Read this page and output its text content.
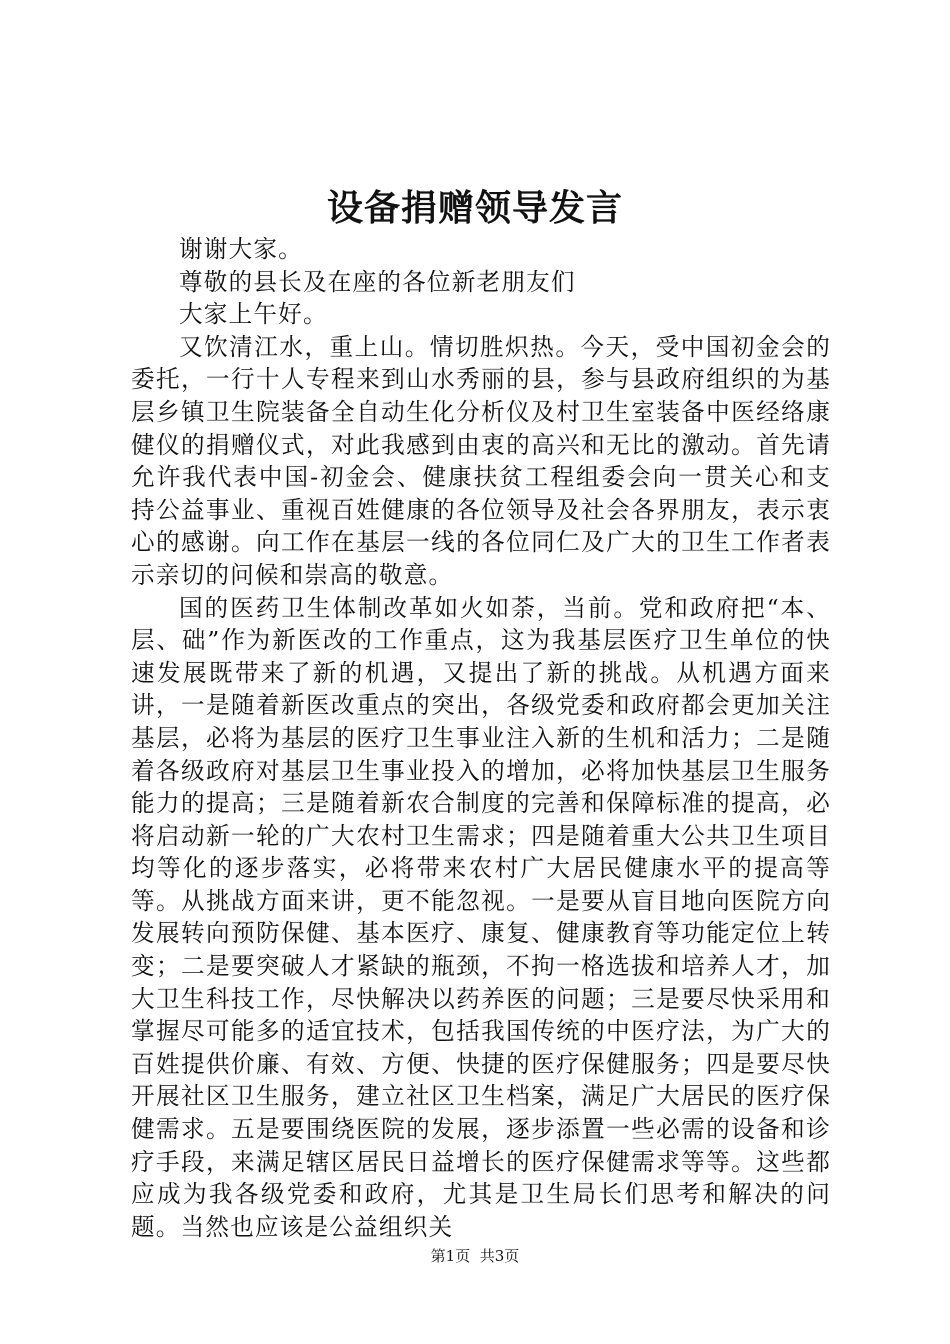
设备捐赠领导发言

谢谢大家。

尊敬的县长及在座的各位新老朋友们

大家上午好。

又饮清江水，重上山。情切胜炽热。今天，受中国初金会的委托，一行十人专程来到山水秀丽的县，参与县政府组织的为基层乡镇卫生院装备全自动生化分析仪及村卫生室装备中医经络康健仪的捐赠仪式，对此我感到由衷的高兴和无比的激动。首先请允许我代表中国-初金会、健康扶贫工程组委会向一贯关心和支持公益事业、重视百姓健康的各位领导及社会各界朋友，表示衷心的感谢。向工作在基层一线的各位同仁及广大的卫生工作者表示亲切的问候和崇高的敬意。

国的医药卫生体制改革如火如荼，当前。党和政府把“本、层、础”作为新医改的工作重点，这为我基层医疗卫生单位的快速发展既带来了新的机遇，又提出了新的挑战。从机遇方面来讲，一是随着新医改重点的突出，各级党委和政府都会更加关注基层，必将为基层的医疗卫生事业注入新的生机和活力；二是随着各级政府对基层卫生事业投入的增加，必将加快基层卫生服务能力的提高；三是随着新农合制度的完善和保障标准的提高，必将启动新一轮的广大农村卫生需求；四是随着重大公共卫生项目均等化的逐步落实，必将带来农村广大居民健康水平的提高等等。从挑战方面来讲，更不能忽视。一是要从盲目地向医院方向发展转向预防保健、基本医疗、康复、健康教育等功能定位上转变；二是要突破人才紧缺的瓶颈，不拘一格选拔和培养人才，加大卫生科技工作，尽快解决以药养医的问题；三是要尽快采用和掌握尽可能多的适宜技术，包括我国传统的中医疗法，为广大的百姓提供价廉、有效、方便、快捷的医疗保健服务；四是要尽快开展社区卫生服务，建立社区卫生档案，满足广大居民的医疗保健需求。五是要围绕医院的发展，逐步添置一些必需的设备和诊疗手段，来满足辖区居民日益增长的医疗保健需求等等。这些都应成为我各级党委和政府，尤其是卫生局长们思考和解决的问题。当然也应该是公益组织关

第1页 共3页
